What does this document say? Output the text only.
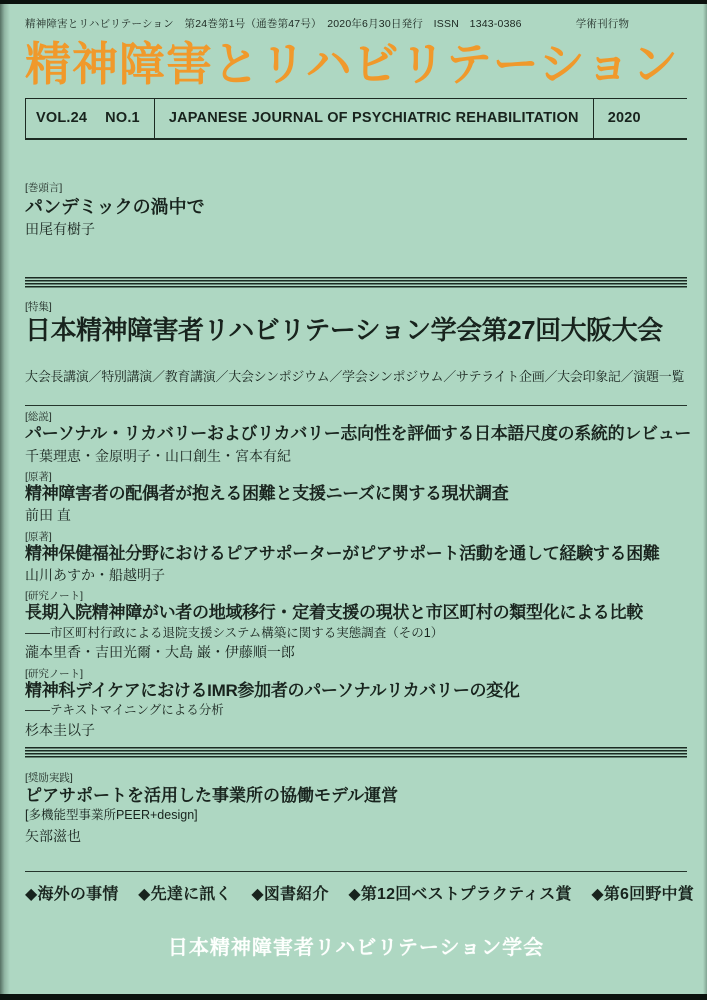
精神障害とリハビリテーション　第24巻第1号（通巻第47号）　2020年6月30日発行　ISSN　1343-0386	学術刊行物
精神障害とリハビリテーション
VOL.24 NO.1	JAPANESE JOURNAL OF PSYCHIATRIC REHABILITATION	2020
[巻頭言]
パンデミックの渦中で
田尾有樹子
[特集]
日本精神障害者リハビリテーション学会第27回大阪大会
大会長講演／特別講演／教育講演／大会シンポジウム／学会シンポジウム／サテライト企画／大会印象記／演題一覧
[総説]
パーソナル・リカバリーおよびリカバリー志向性を評価する日本語尺度の系統的レビュー
千葉理恵・金原明子・山口創生・宮本有紀
[原著]
精神障害者の配偶者が抱える困難と支援ニーズに関する現状調査
前田 直
[原著]
精神保健福祉分野におけるピアサポーターがピアサポート活動を通して経験する困難
山川あすか・船越明子
[研究ノート]
長期入院精神障がい者の地域移行・定着支援の現状と市区町村の類型化による比較
――市区町村行政による退院支援システム構築に関する実態調査（その1）
瀧本里香・吉田光爾・大島 巌・伊藤順一郎
[研究ノート]
精神科デイケアにおけるIMR参加者のパーソナルリカバリーの変化
――テキストマイニングによる分析
杉本圭以子
[奨励実践]
ピアサポートを活用した事業所の協働モデル運営
[多機能型事業所PEER+design]
矢部滋也
◆海外の事情 ◆先達に訊く ◆図書紹介 ◆第12回ベストプラクティス賞 ◆第6回野中賞
日本精神障害者リハビリテーション学会
